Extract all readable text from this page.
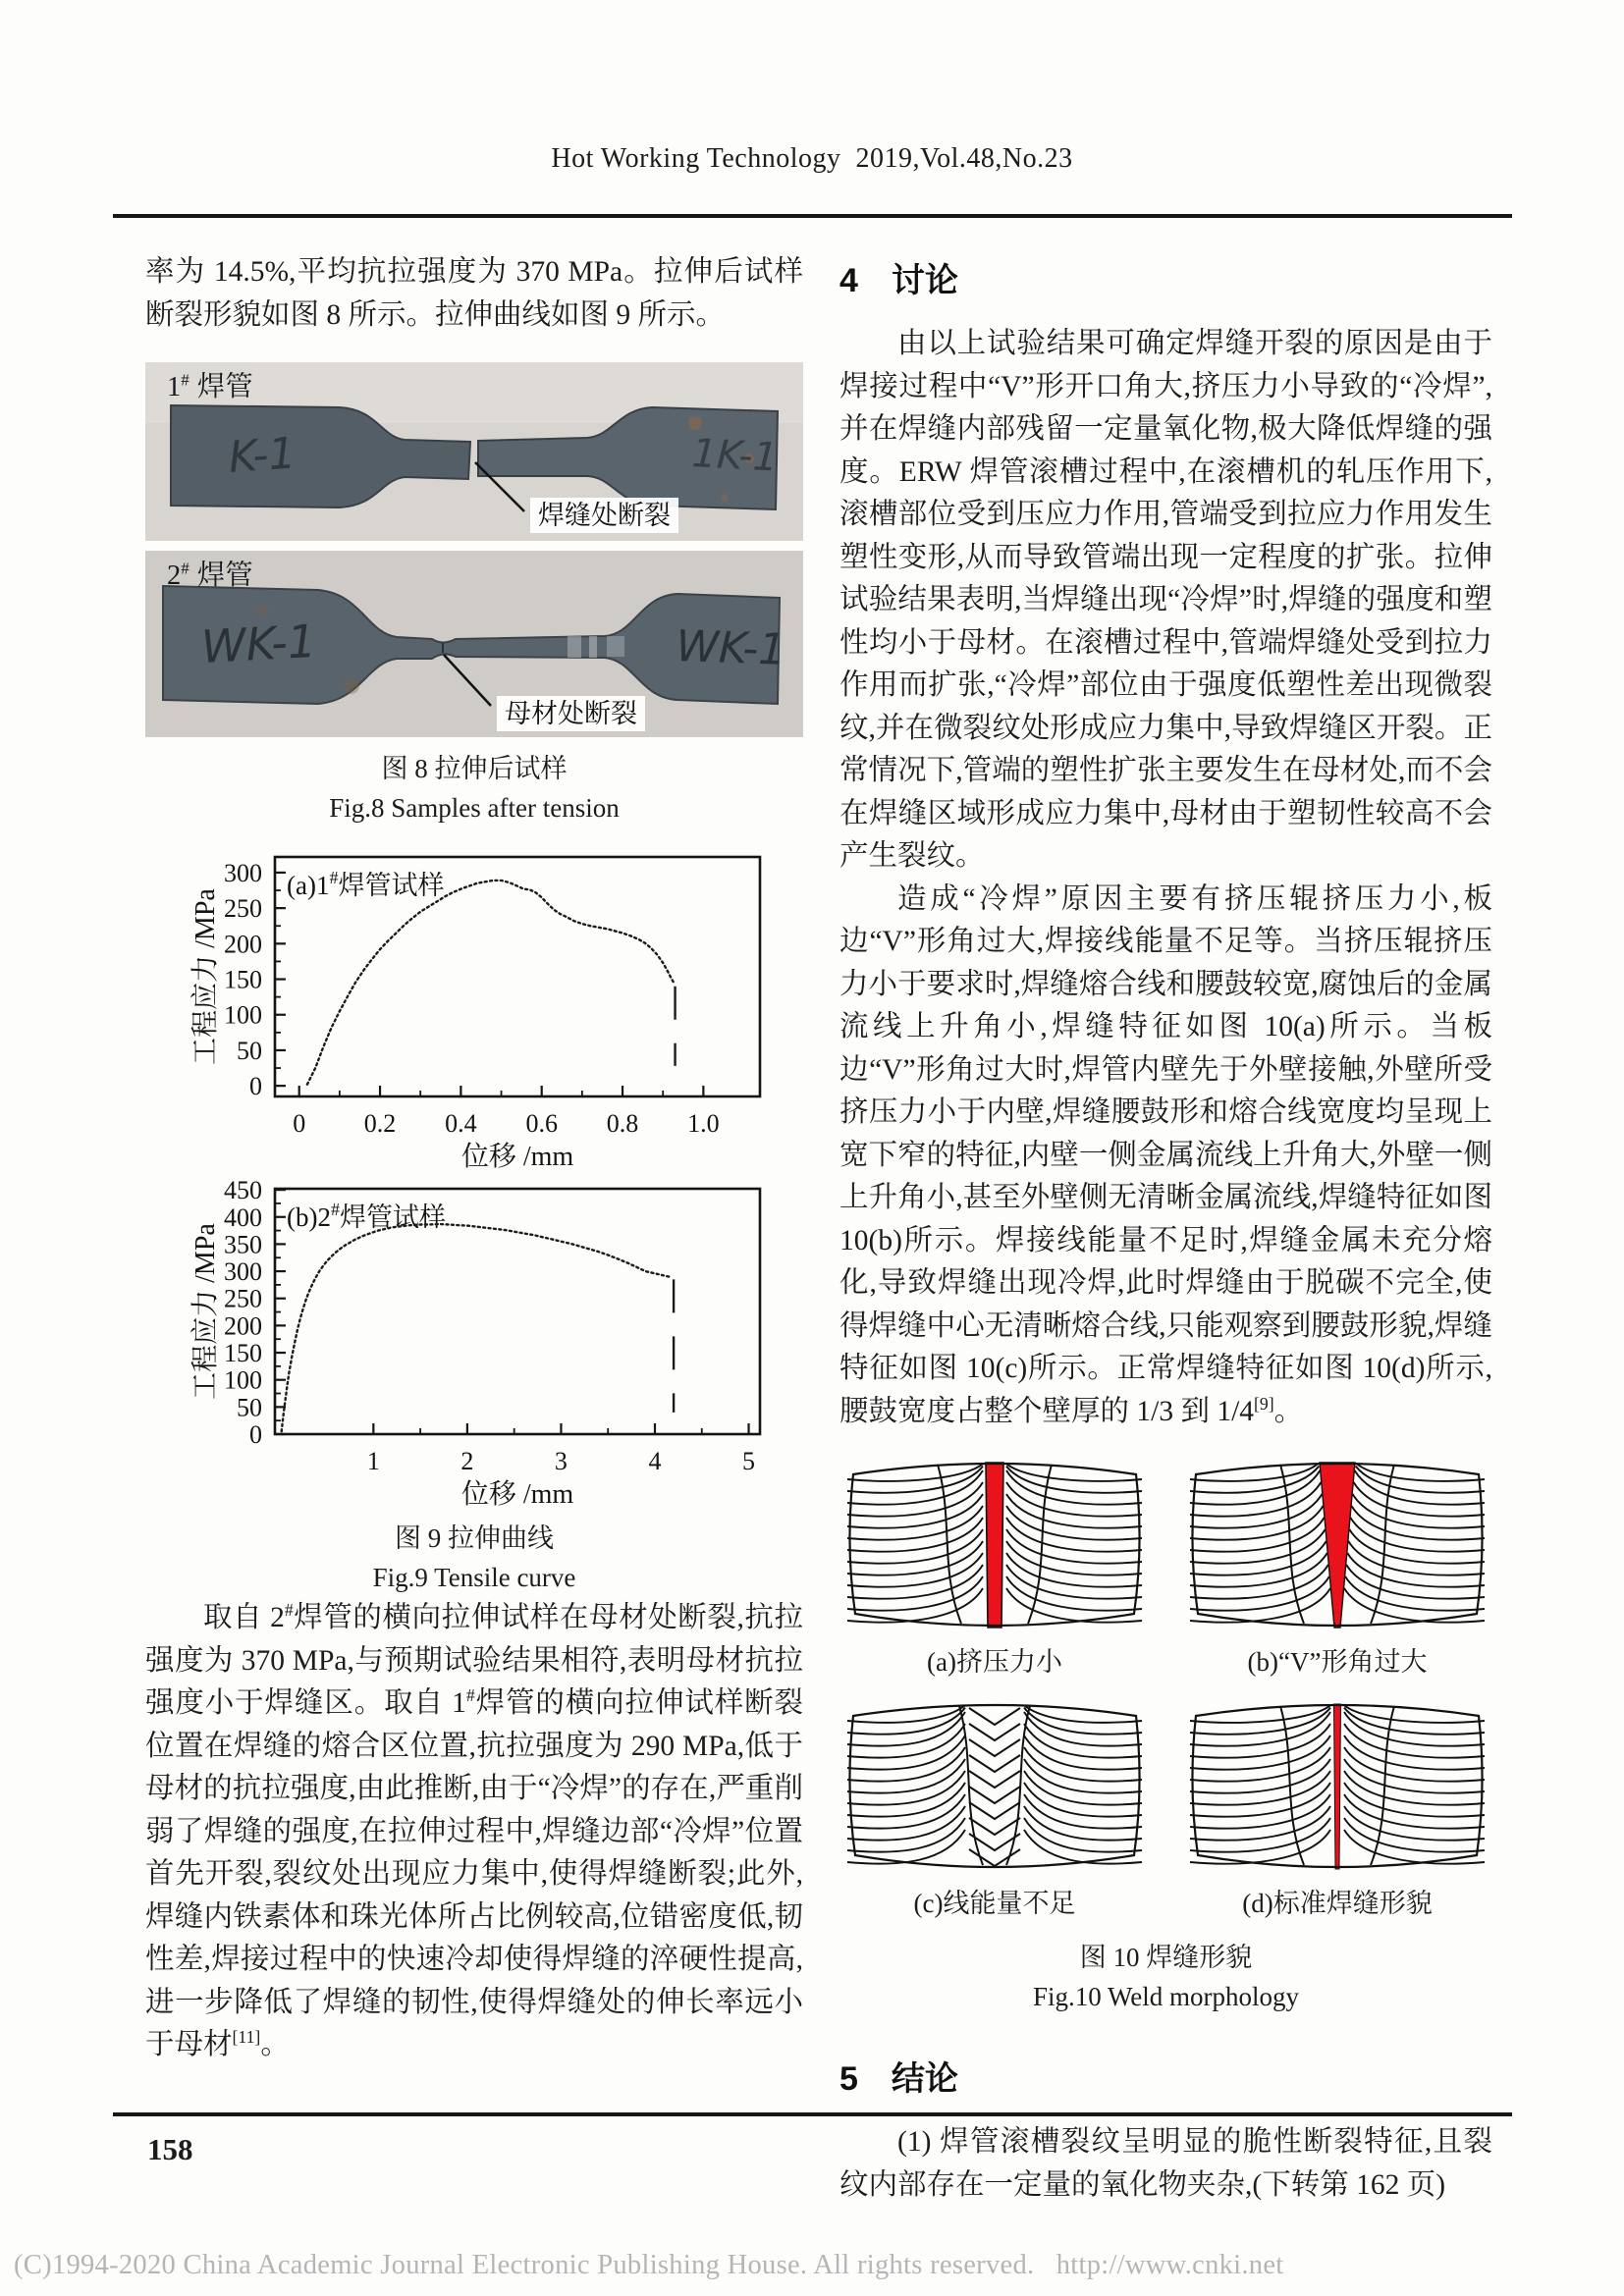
Hot Working Technology  2019,Vol.48,No.23

率为 14.5%,平均抗拉强度为 370 MPa。拉伸后试样断裂形貌如图 8 所示。拉伸曲线如图 9 所示。

K-1	1K-1
1# 焊管
焊缝处断裂
WK-1	WK-1
2# 焊管
母材处断裂

图 8 拉伸后试样

Fig.8 Samples after tension

0 0.2 0.4 0.6 0.8 1.0
0
50
100
150
200
250
300
位移 /mm
工程应力 /MPa
(a)1#焊管试样
1	2	3	4	5
0
50
100
150
200
250
300
350
400
450
位移 /mm
工程应力 /MPa
(b)2#焊管试样

图 9 拉伸曲线

Fig.9 Tensile curve

取自 2#焊管的横向拉伸试样在母材处断裂,抗拉强度为 370 MPa,与预期试验结果相符,表明母材抗拉强度小于焊缝区。取自 1#焊管的横向拉伸试样断裂位置在焊缝的熔合区位置,抗拉强度为 290 MPa,低于母材的抗拉强度,由此推断,由于“冷焊”的存在,严重削弱了焊缝的强度,在拉伸过程中,焊缝边部“冷焊”位置首先开裂,裂纹处出现应力集中,使得焊缝断裂;此外,焊缝内铁素体和珠光体所占比例较高,位错密度低,韧性差,焊接过程中的快速冷却使得焊缝的淬硬性提高,进一步降低了焊缝的韧性,使得焊缝处的伸长率远小于母材[11]。

4　讨论

由以上试验结果可确定焊缝开裂的原因是由于焊接过程中“V”形开口角大,挤压力小导致的“冷焊”,并在焊缝内部残留一定量氧化物,极大降低焊缝的强度。ERW 焊管滚槽过程中,在滚槽机的轧压作用下,滚槽部位受到压应力作用,管端受到拉应力作用发生塑性变形,从而导致管端出现一定程度的扩张。拉伸试验结果表明,当焊缝出现“冷焊”时,焊缝的强度和塑性均小于母材。在滚槽过程中,管端焊缝处受到拉力作用而扩张,“冷焊”部位由于强度低塑性差出现微裂纹,并在微裂纹处形成应力集中,导致焊缝区开裂。正常情况下,管端的塑性扩张主要发生在母材处,而不会在焊缝区域形成应力集中,母材由于塑韧性较高不会产生裂纹。

造成“冷焊”原因主要有挤压辊挤压力小,板边“V”形角过大,焊接线能量不足等。当挤压辊挤压力小于要求时,焊缝熔合线和腰鼓较宽,腐蚀后的金属流线上升角小,焊缝特征如图 10(a)所示。当板边“V”形角过大时,焊管内壁先于外壁接触,外壁所受挤压力小于内壁,焊缝腰鼓形和熔合线宽度均呈现上宽下窄的特征,内壁一侧金属流线上升角大,外壁一侧上升角小,甚至外壁侧无清晰金属流线,焊缝特征如图 10(b)所示。焊接线能量不足时,焊缝金属未充分熔化,导致焊缝出现冷焊,此时焊缝由于脱碳不完全,使得焊缝中心无清晰熔合线,只能观察到腰鼓形貌,焊缝特征如图 10(c)所示。正常焊缝特征如图 10(d)所示,腰鼓宽度占整个壁厚的 1/3 到 1/4[9]。

(a)挤压力小	(b)“V”形角过大
(c)线能量不足	(d)标准焊缝形貌

图 10 焊缝形貌

Fig.10 Weld morphology

5　结论

(1) 焊管滚槽裂纹呈明显的脆性断裂特征,且裂纹内部存在一定量的氧化物夹杂,(下转第 162 页)

158
(C)1994-2020 China Academic Journal Electronic Publishing House. All rights reserved.   http://www.cnki.net
